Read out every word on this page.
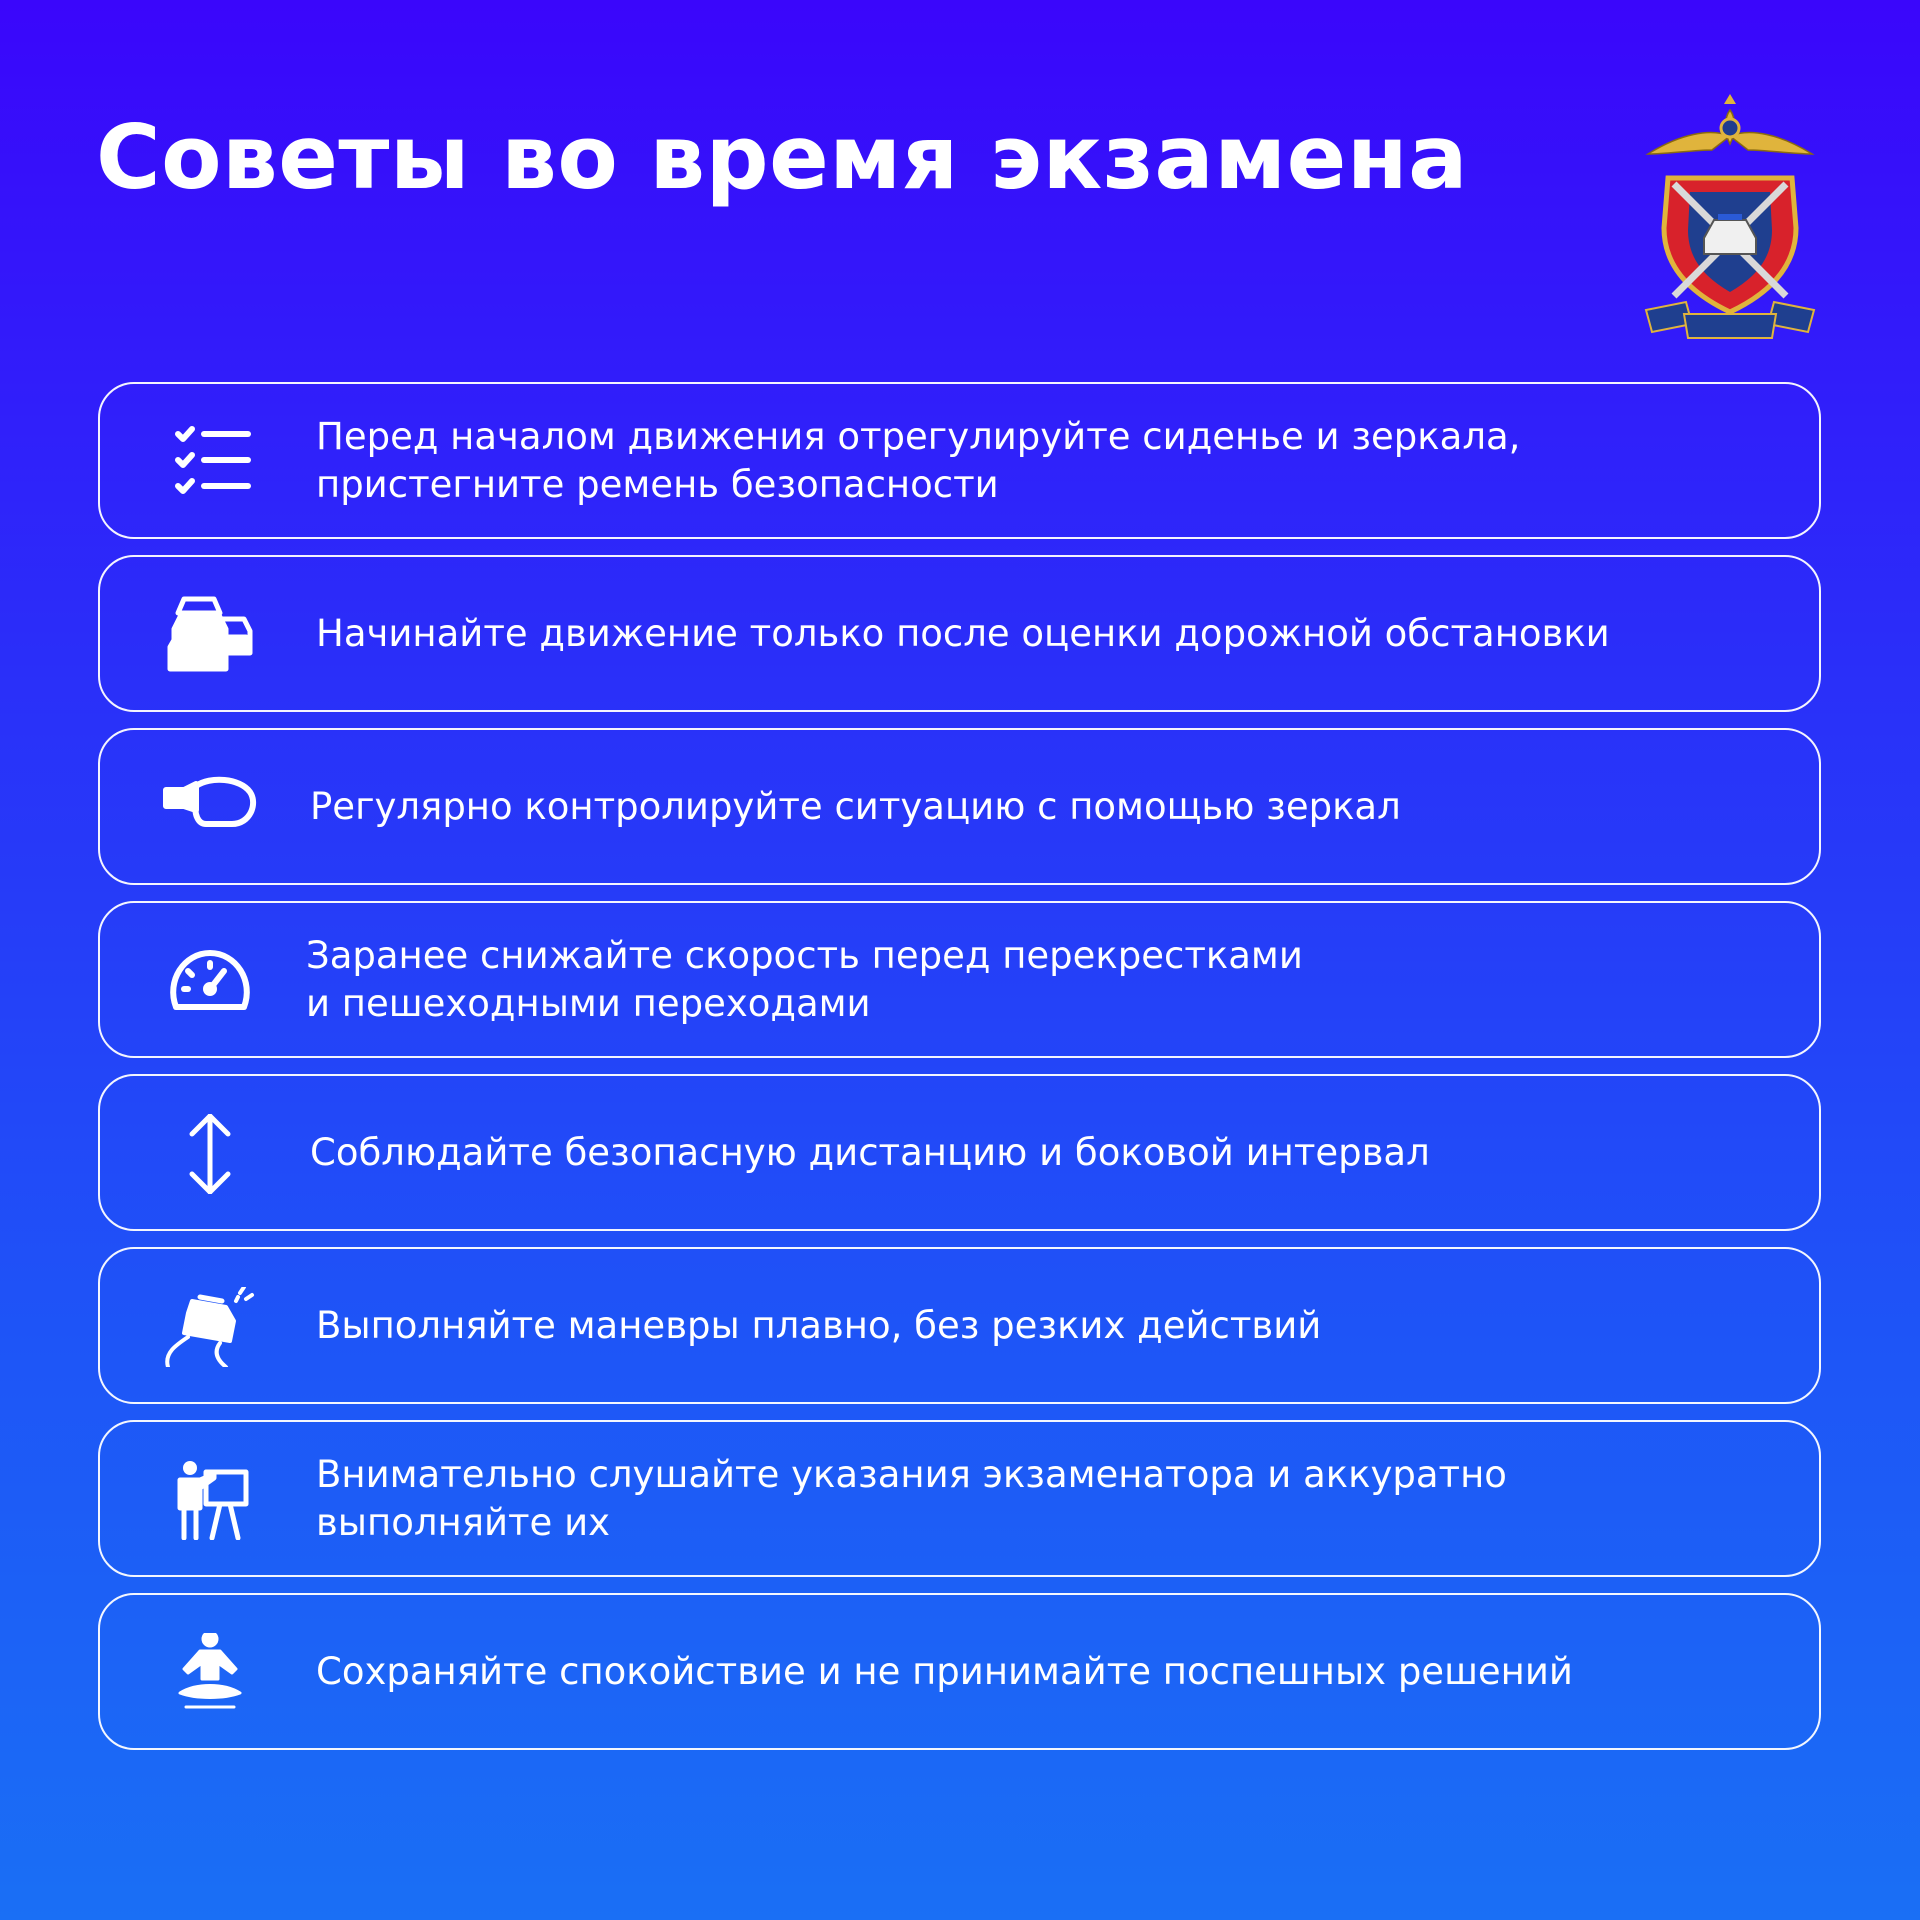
Советы во время экзамена
Перед началом движения отрегулируйте сиденье и зеркала,
пристегните ремень безопасности
Начинайте движение только после оценки дорожной обстановки
Регулярно контролируйте ситуацию с помощью зеркал
Заранее снижайте скорость перед перекрестками
и пешеходными переходами
Соблюдайте безопасную дистанцию и боковой интервал
Выполняйте маневры плавно, без резких действий
Внимательно слушайте указания экзаменатора и аккуратно
выполняйте их
Сохраняйте спокойствие и не принимайте поспешных решений
